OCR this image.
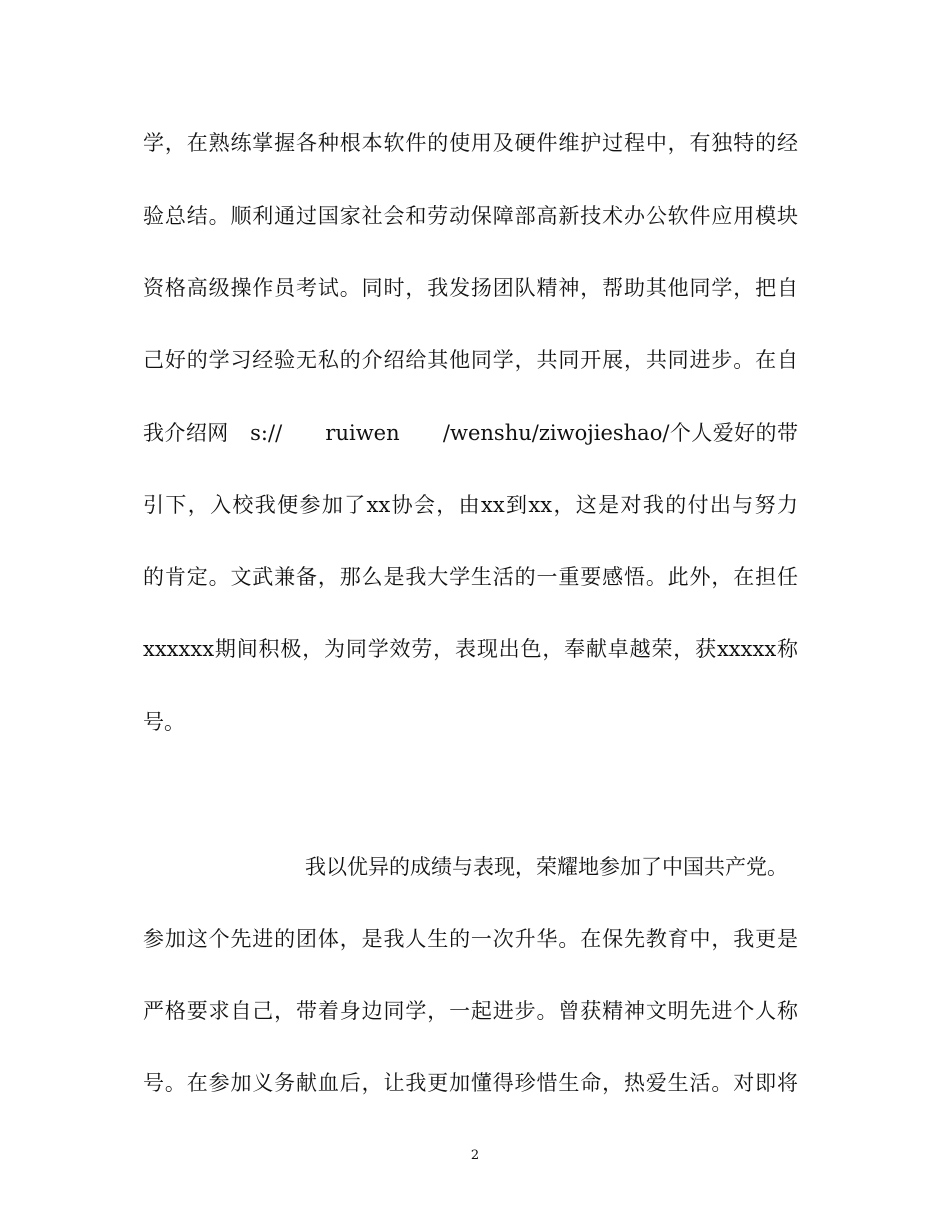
学，在熟练掌握各种根本软件的使用及硬件维护过程中，有独特的经
验总结。顺利通过国家社会和劳动保障部高新技术办公软件应用模块
资格高级操作员考试。同时，我发扬团队精神，帮助其他同学，把自
己好的学习经验无私的介绍给其他同学，共同开展，共同进步。在自
我介绍网　s://　　ruiwen　　/wenshu/ziwojieshao/个人爱好的带
引下，入校我便参加了xx协会，由xx到xx，这是对我的付出与努力
的肯定。文武兼备，那么是我大学生活的一重要感悟。此外，在担任
xxxxxx期间积极，为同学效劳，表现出色，奉献卓越荣，获xxxxx称
号。
我以优异的成绩与表现，荣耀地参加了中国共产党。
参加这个先进的团体，是我人生的一次升华。在保先教育中，我更是
严格要求自己，带着身边同学，一起进步。曾获精神文明先进个人称
号。在参加义务献血后，让我更加懂得珍惜生命，热爱生活。对即将
2
